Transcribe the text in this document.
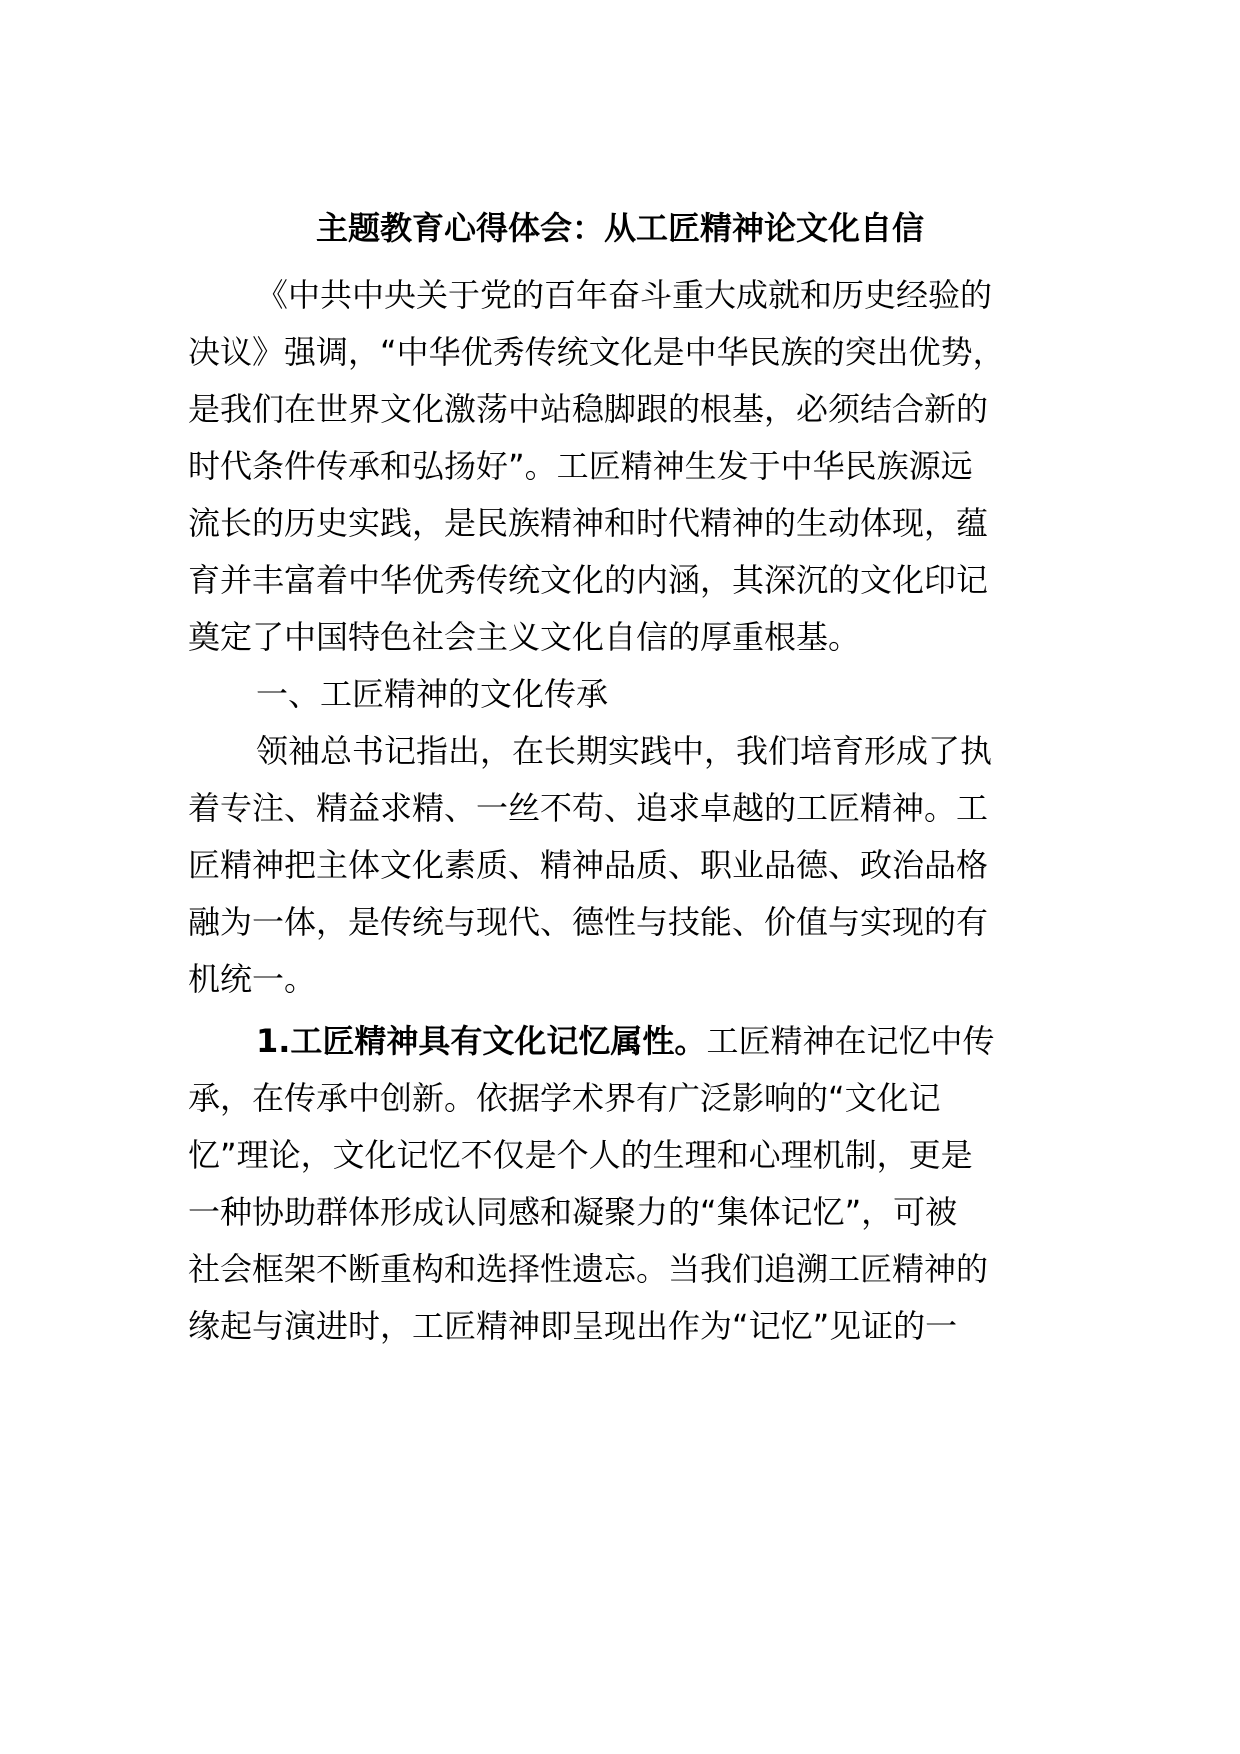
主题教育心得体会：从工匠精神论文化自信
《中共中央关于党的百年奋斗重大成就和历史经验的
决议》强调，“中华优秀传统文化是中华民族的突出优势，
是我们在世界文化激荡中站稳脚跟的根基，必须结合新的
时代条件传承和弘扬好”。工匠精神生发于中华民族源远
流长的历史实践，是民族精神和时代精神的生动体现，蕴
育并丰富着中华优秀传统文化的内涵，其深沉的文化印记
奠定了中国特色社会主义文化自信的厚重根基。
一、工匠精神的文化传承
领袖总书记指出，在长期实践中，我们培育形成了执
着专注、精益求精、一丝不苟、追求卓越的工匠精神。工
匠精神把主体文化素质、精神品质、职业品德、政治品格
融为一体，是传统与现代、德性与技能、价值与实现的有
机统一。
1.工匠精神具有文化记忆属性。工匠精神在记忆中传
承，在传承中创新。依据学术界有广泛影响的“文化记
忆”理论，文化记忆不仅是个人的生理和心理机制，更是
一种协助群体形成认同感和凝聚力的“集体记忆”，可被
社会框架不断重构和选择性遗忘。当我们追溯工匠精神的
缘起与演进时，工匠精神即呈现出作为“记忆”见证的一
